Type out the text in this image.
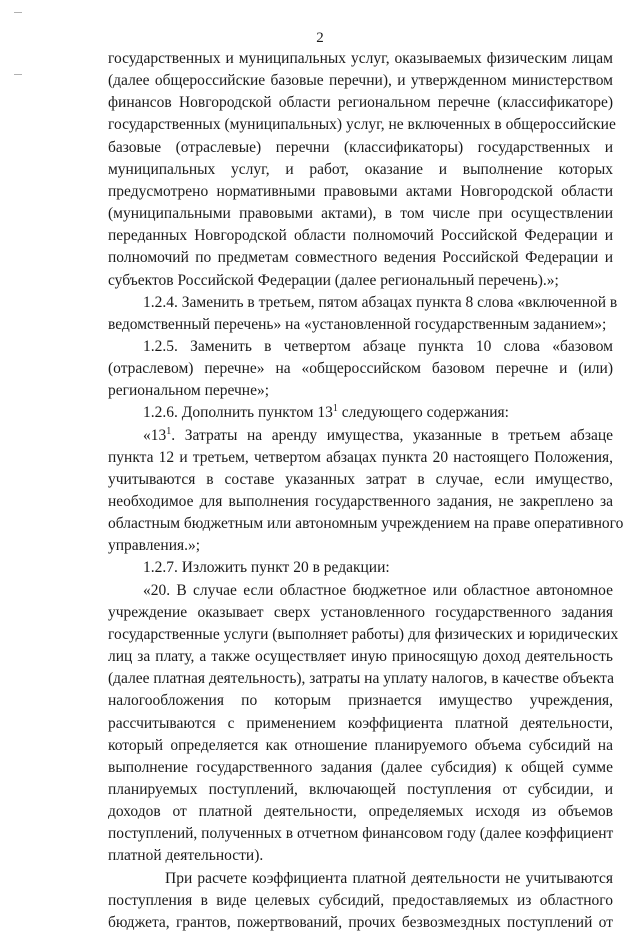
2
государственных и муниципальных услуг, оказываемых физическим лицам
(далее общероссийские базовые перечни), и утвержденном министерством
финансов Новгородской области региональном перечне (классификаторе)
государственных (муниципальных) услуг, не включенных в общероссийские
базовые (отраслевые) перечни (классификаторы) государственных и
муниципальных услуг, и работ, оказание и выполнение которых
предусмотрено нормативными правовыми актами Новгородской области
(муниципальными правовыми актами), в том числе при осуществлении
переданных Новгородской области полномочий Российской Федерации и
полномочий по предметам совместного ведения Российской Федерации и
субъектов Российской Федерации (далее региональный перечень).»;
1.2.4. Заменить в третьем, пятом абзацах пункта 8 слова «включенной в
ведомственный перечень» на «установленной государственным заданием»;
1.2.5. Заменить в четвертом абзаце пункта 10 слова «базовом
(отраслевом) перечне» на «общероссийском базовом перечне и (или)
региональном перечне»;
1.2.6. Дополнить пунктом $13^1$ следующего содержания:
«$13^1$. Затраты на аренду имущества, указанные в третьем абзаце
пункта 12 и третьем, четвертом абзацах пункта 20 настоящего Положения,
учитываются в составе указанных затрат в случае, если имущество,
необходимое для выполнения государственного задания, не закреплено за
областным бюджетным или автономным учреждением на праве оперативного
управления.»;
1.2.7. Изложить пункт 20 в редакции:
«20. В случае если областное бюджетное или областное автономное
учреждение оказывает сверх установленного государственного задания
государственные услуги (выполняет работы) для физических и юридических
лиц за плату, а также осуществляет иную приносящую доход деятельность
(далее платная деятельность), затраты на уплату налогов, в качестве объекта
налогообложения по которым признается имущество учреждения,
рассчитываются с применением коэффициента платной деятельности,
который определяется как отношение планируемого объема субсидий на
выполнение государственного задания (далее субсидия) к общей сумме
планируемых поступлений, включающей поступления от субсидии, и
доходов от платной деятельности, определяемых исходя из объемов
поступлений, полученных в отчетном финансовом году (далее коэффициент
платной деятельности).
При расчете коэффициента платной деятельности не учитываются
поступления в виде целевых субсидий, предоставляемых из областного
бюджета, грантов, пожертвований, прочих безвозмездных поступлений от
